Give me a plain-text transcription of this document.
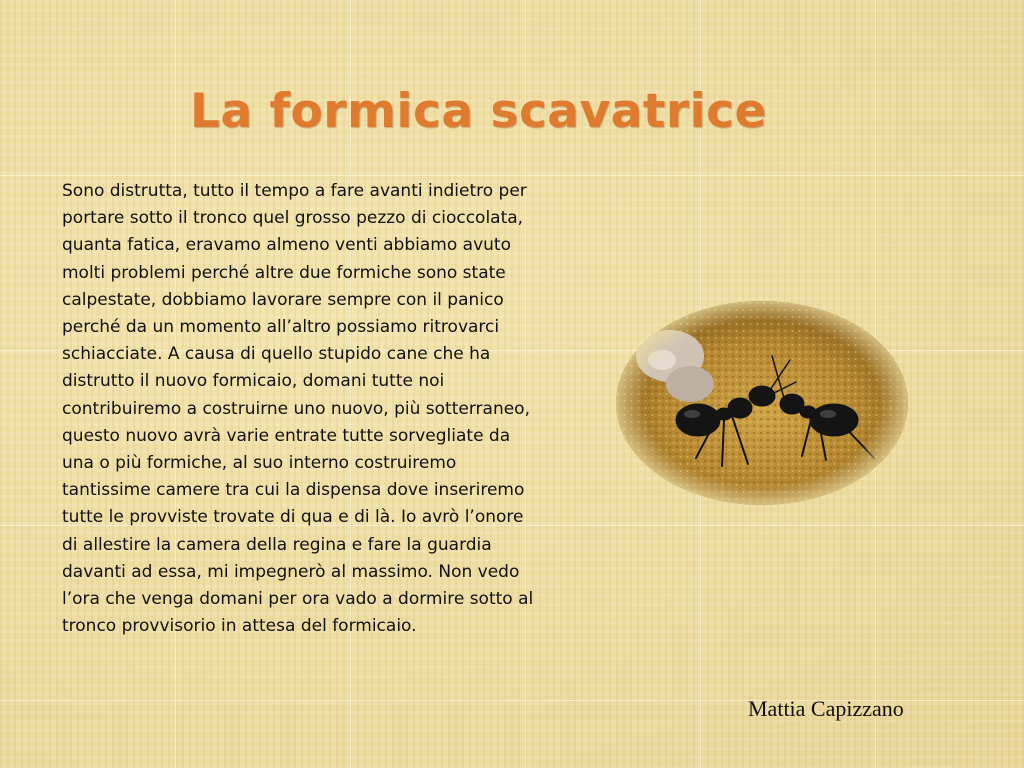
La formica scavatrice
Sono distrutta, tutto il tempo a fare avanti indietro per
portare sotto il tronco quel grosso pezzo di cioccolata,
quanta fatica, eravamo almeno venti abbiamo avuto
molti problemi perché altre due formiche sono state
calpestate, dobbiamo lavorare sempre con il panico
perché da un momento all’altro possiamo ritrovarci
schiacciate. A causa di quello stupido cane che ha
distrutto il nuovo formicaio, domani tutte noi
contribuiremo a costruirne uno nuovo, più sotterraneo,
questo nuovo avrà varie entrate tutte sorvegliate da
una o più formiche, al suo interno costruiremo
tantissime camere tra cui la dispensa dove inseriremo
tutte le provviste trovate di qua e di là. Io avrò l’onore
di allestire la camera della regina e fare la guardia
davanti ad essa, mi impegnerò al massimo. Non vedo
l’ora che venga domani per ora vado a dormire sotto al
tronco provvisorio in attesa del formicaio.
Mattia Capizzano
